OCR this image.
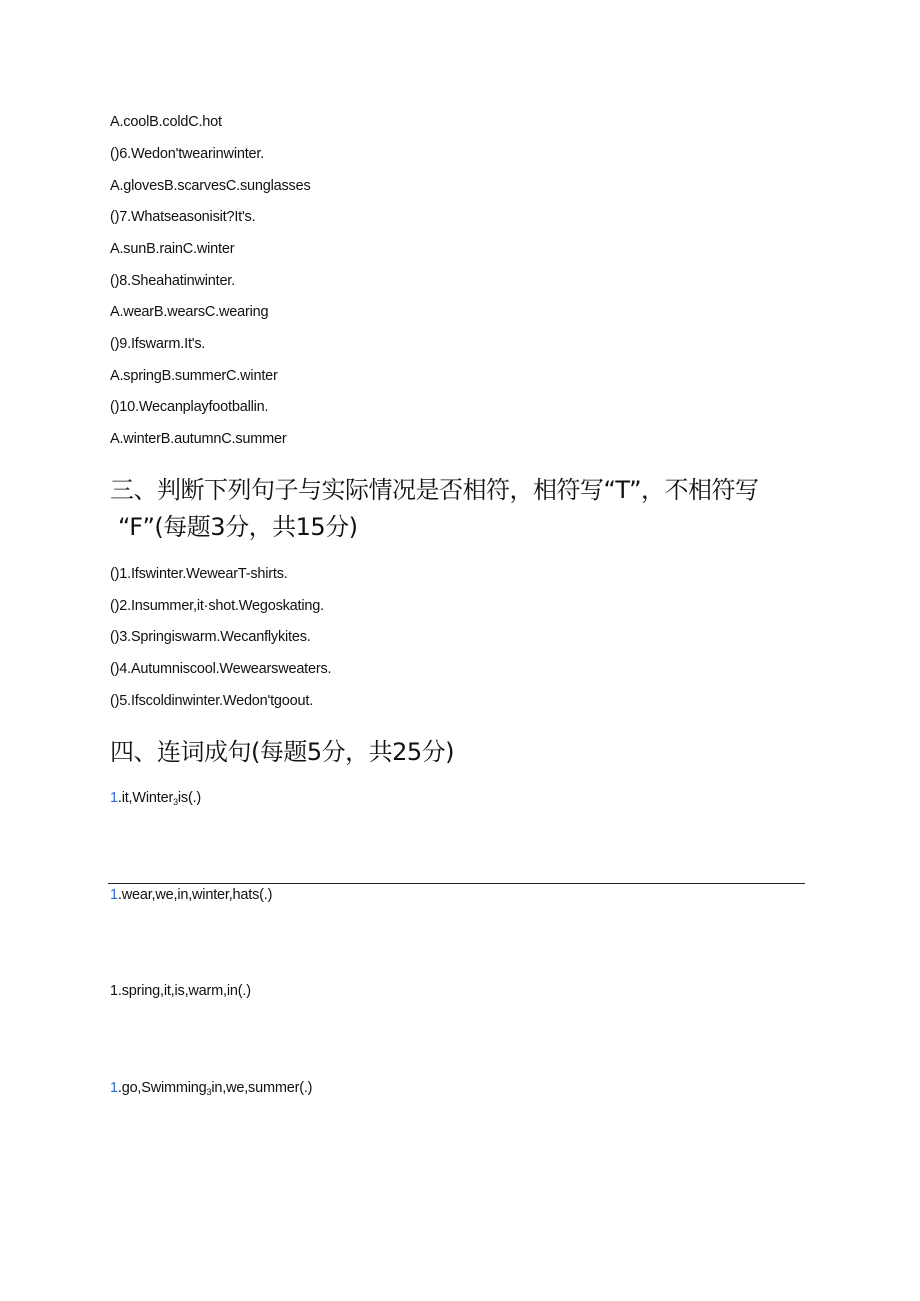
A.coolB.coldC.hot
()6.Wedon'twearinwinter.
A.glovesB.scarvesC.sunglasses
()7.Whatseasonisit?It's.
A.sunB.rainC.winter
()8.Sheahatinwinter.
A.wearB.wearsC.wearing
()9.Ifswarm.It's.
A.springB.summerC.winter
()10.Wecanplayfootballin.
A.winterB.autumnC.summer
三、判断下列句子与实际情况是否相符，相符写“T”，不相符写
“F”(每题3分，共15分)
()1.Ifswinter.WewearT-shirts.
()2.Insummer,it·shot.Wegoskating.
()3.Springiswarm.Wecanflykites.
()4.Autumniscool.Wewearsweaters.
()5.Ifscoldinwinter.Wedon'tgoout.
四、连词成句(每题5分，共25分)
1.it,Winter$_3$is(.)
1.wear,we,in,winter,hats(.)
1.spring,it,is,warm,in(.)
1.go,Swimming$_3$in,we,summer(.)
